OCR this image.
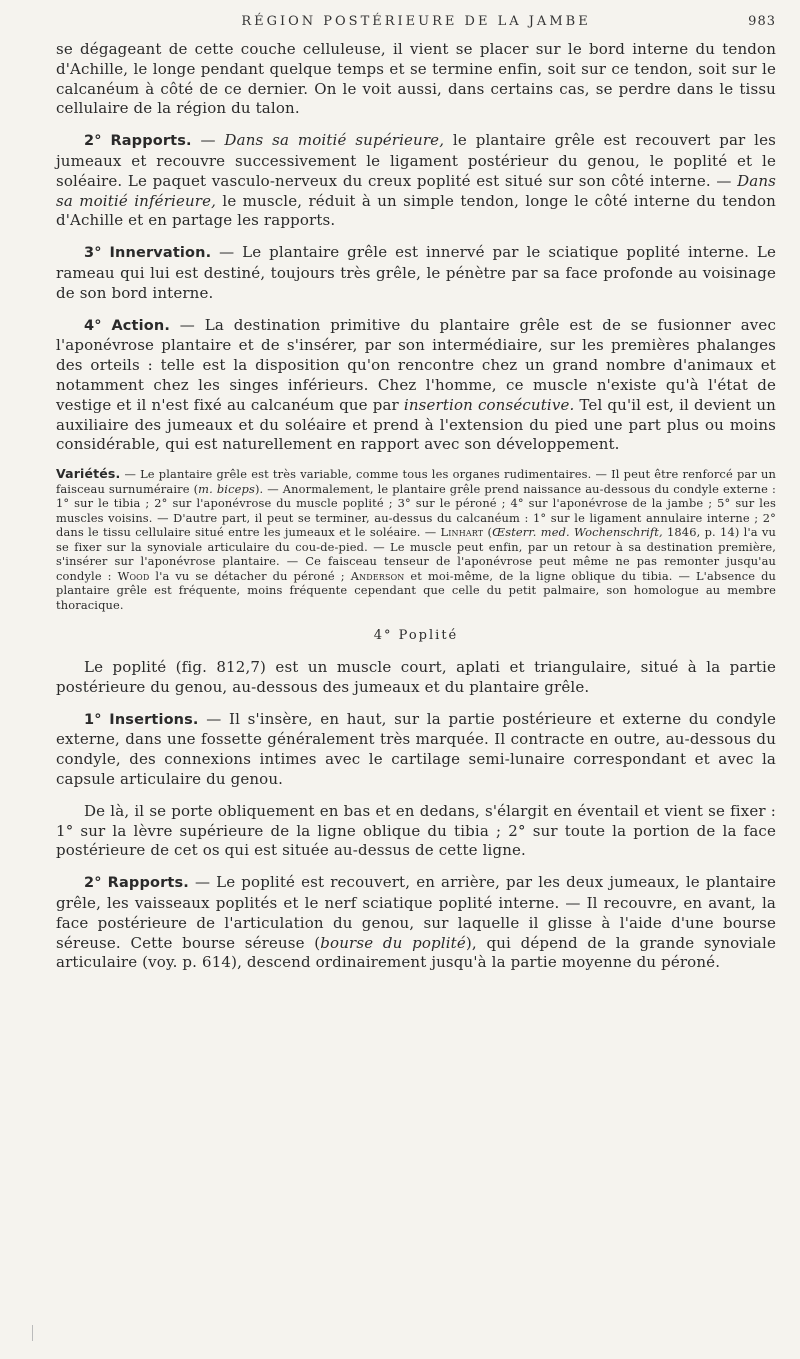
RÉGION POSTÉRIEURE DE LA JAMBE	983

se dégageant de cette couche celluleuse, il vient se placer sur le bord interne du tendon d'Achille, le longe pendant quelque temps et se termine enfin, soit sur ce tendon, soit sur le calcanéum à côté de ce dernier. On le voit aussi, dans certains cas, se perdre dans le tissu cellulaire de la région du talon.

2° Rapports. — Dans sa moitié supérieure, le plantaire grêle est recouvert par les jumeaux et recouvre successivement le ligament postérieur du genou, le poplité et le soléaire. Le paquet vasculo-nerveux du creux poplité est situé sur son côté interne. — Dans sa moitié inférieure, le muscle, réduit à un simple tendon, longe le côté interne du tendon d'Achille et en partage les rapports.

3° Innervation. — Le plantaire grêle est innervé par le sciatique poplité interne. Le rameau qui lui est destiné, toujours très grêle, le pénètre par sa face profonde au voisinage de son bord interne.

4° Action. — La destination primitive du plantaire grêle est de se fusionner avec l'aponévrose plantaire et de s'insérer, par son intermédiaire, sur les premières phalanges des orteils : telle est la disposition qu'on rencontre chez un grand nombre d'animaux et notamment chez les singes inférieurs. Chez l'homme, ce muscle n'existe qu'à l'état de vestige et il n'est fixé au calcanéum que par insertion consécutive. Tel qu'il est, il devient un auxiliaire des jumeaux et du soléaire et prend à l'extension du pied une part plus ou moins considérable, qui est naturellement en rapport avec son développement.

Variétés. — Le plantaire grêle est très variable, comme tous les organes rudimentaires. — Il peut être renforcé par un faisceau surnuméraire (m. biceps). — Anormalement, le plantaire grêle prend naissance au-dessous du condyle externe : 1° sur le tibia ; 2° sur l'aponévrose du muscle poplité ; 3° sur le péroné ; 4° sur l'aponévrose de la jambe ; 5° sur les muscles voisins. — D'autre part, il peut se terminer, au-dessus du calcanéum : 1° sur le ligament annulaire interne ; 2° dans le tissu cellulaire situé entre les jumeaux et le soléaire. — Linhart (Œsterr. med. Wochenschrift, 1846, p. 14) l'a vu se fixer sur la synoviale articulaire du cou-de-pied. — Le muscle peut enfin, par un retour à sa destination première, s'insérer sur l'aponévrose plantaire. — Ce faisceau tenseur de l'aponévrose peut même ne pas remonter jusqu'au condyle : Wood l'a vu se détacher du péroné ; Anderson et moi-même, de la ligne oblique du tibia. — L'absence du plantaire grêle est fréquente, moins fréquente cependant que celle du petit palmaire, son homologue au membre thoracique.

4° Poplité

Le poplité (fig. 812,7) est un muscle court, aplati et triangulaire, situé à la partie postérieure du genou, au-dessous des jumeaux et du plantaire grêle.

1° Insertions. — Il s'insère, en haut, sur la partie postérieure et externe du condyle externe, dans une fossette généralement très marquée. Il contracte en outre, au-dessous du condyle, des connexions intimes avec le cartilage semi-lunaire correspondant et avec la capsule articulaire du genou.

De là, il se porte obliquement en bas et en dedans, s'élargit en éventail et vient se fixer : 1° sur la lèvre supérieure de la ligne oblique du tibia ; 2° sur toute la portion de la face postérieure de cet os qui est située au-dessus de cette ligne.

2° Rapports. — Le poplité est recouvert, en arrière, par les deux jumeaux, le plantaire grêle, les vaisseaux poplités et le nerf sciatique poplité interne. — Il recouvre, en avant, la face postérieure de l'articulation du genou, sur laquelle il glisse à l'aide d'une bourse séreuse. Cette bourse séreuse (bourse du poplité), qui dépend de la grande synoviale articulaire (voy. p. 614), descend ordinairement jusqu'à la partie moyenne du péroné.
